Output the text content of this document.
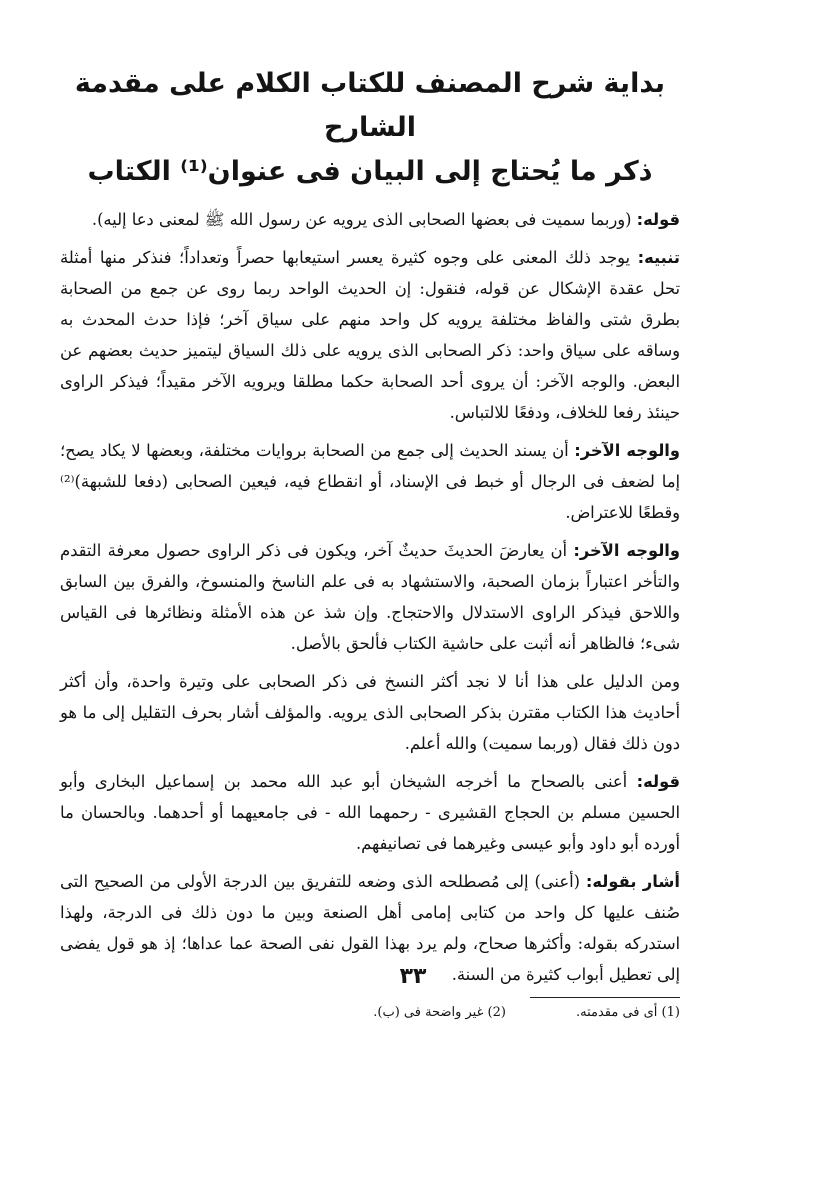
بداية شرح المصنف للكتاب الكلام على مقدمة الشارح
ذكر ما يُحتاج إلى البيان فى عنوان⁽¹⁾ الكتاب

قوله: (وربما سميت فى بعضها الصحابى الذى يرويه عن رسول الله ﷺ لمعنى دعا إليه).

تنبيه: يوجد ذلك المعنى على وجوه كثيرة يعسر استيعابها حصراً وتعداداً؛ فنذكر منها أمثلة تحل عقدة الإشكال عن قوله، فنقول: إن الحديث الواحد ربما روى عن جمع من الصحابة بطرق شتى والفاظ مختلفة يرويه كل واحد منهم على سياق آخر؛ فإذا حدث المحدث به وساقه على سياق واحد: ذكر الصحابى الذى يرويه على ذلك السياق ليتميز حديث بعضهم عن البعض. والوجه الآخر: أن يروى أحد الصحابة حكما مطلقا ويرويه الآخر مقيداً؛ فيذكر الراوى حينئذ رفعا للخلاف، ودفعًا للالتباس.

والوجه الآخر: أن يسند الحديث إلى جمع من الصحابة بروايات مختلفة، وبعضها لا يكاد يصح؛ إما لضعف فى الرجال أو خبط فى الإسناد، أو انقطاع فيه، فيعين الصحابى (دفعا للشبهة)⁽²⁾ وقطعًا للاعتراض.

والوجه الآخر: أن يعارضَ الحديثَ حديثٌ آخر، ويكون فى ذكر الراوى حصول معرفة التقدم والتأخر اعتباراً بزمان الصحبة، والاستشهاد به فى علم الناسخ والمنسوخ، والفرق بين السابق واللاحق فيذكر الراوى الاستدلال والاحتجاج. وإن شذ عن هذه الأمثلة ونظائرها فى القياس شىء؛ فالظاهر أنه أثبت على حاشية الكتاب فألحق بالأصل.

ومن الدليل على هذا أنا لا نجد أكثر النسخ فى ذكر الصحابى على وتيرة واحدة، وأن أكثر أحاديث هذا الكتاب مقترن بذكر الصحابى الذى يرويه. والمؤلف أشار بحرف التقليل إلى ما هو دون ذلك فقال (وربما سميت) والله أعلم.

قوله: أعنى بالصحاح ما أخرجه الشيخان أبو عبد الله محمد بن إسماعيل البخارى وأبو الحسين مسلم بن الحجاج القشيرى - رحمهما الله - فى جامعيهما أو أحدهما. وبالحسان ما أورده أبو داود وأبو عيسى وغيرهما فى تصانيفهم.

أشار بقوله: (أعنى) إلى مُصطلحه الذى وضعه للتفريق بين الدرجة الأولى من الصحيح التى صُنف عليها كل واحد من كتابى إمامى أهل الصنعة وبين ما دون ذلك فى الدرجة، ولهذا استدركه بقوله: وأكثرها صحاح، ولم يرد بهذا القول نفى الصحة عما عداها؛ إذ هو قول يفضى إلى تعطيل أبواب كثيرة من السنة.

(1) أى فى مقدمته.
(2) غير واضحة فى (ب).
٣٣
